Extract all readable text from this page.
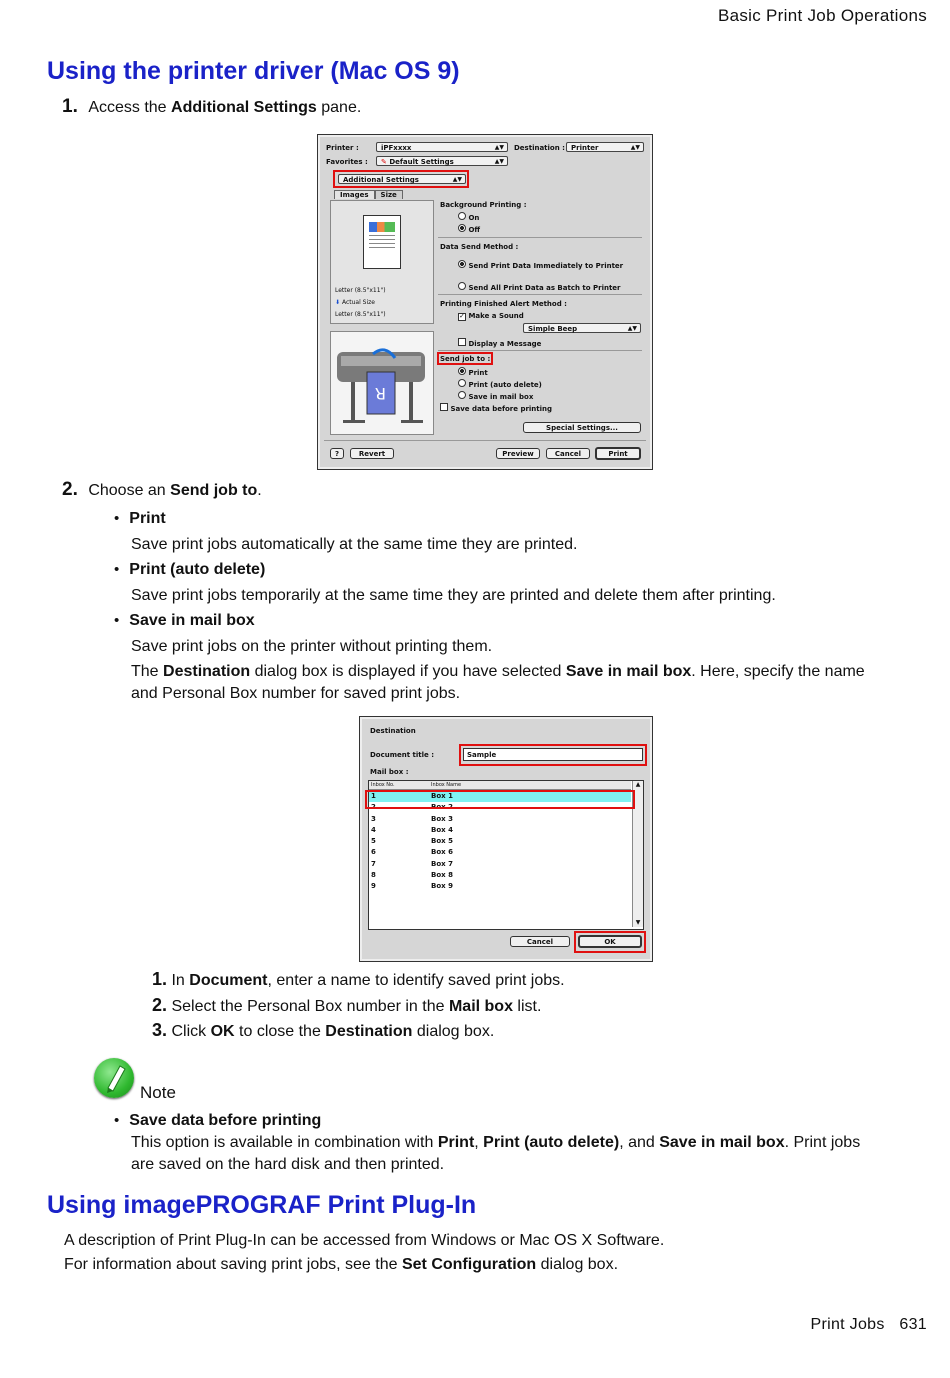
Basic Print Job Operations
Using the printer driver (Mac OS 9)
1. Access the Additional Settings pane.
Printer :	iPFxxxx	▲▼ Destination : Printer	▲▼
Favorites :	✎ Default Settings	▲▼
Additional Settings	▲▼
Images Size
Letter (8.5"x11")
⬇ Actual Size
Letter (8.5"x11")
R
Background Printing :
On
Off
Data Send Method :
Send Print Data Immediately to Printer
Send All Print Data as Batch to Printer
Printing Finished Alert Method :
✓ Make a Sound
Simple Beep	▲▼
Display a Message
Send job to :
Print
Print (auto delete)
Save in mail box
Save data before printing
Special Settings...
?	Revert	Preview	Cancel	Print
2. Choose an Send job to.
• Print
Save print jobs automatically at the same time they are printed.
• Print (auto delete)
Save print jobs temporarily at the same time they are printed and delete them after printing.
• Save in mail box
Save print jobs on the printer without printing them.
The Destination dialog box is displayed if you have selected Save in mail box. Here, specify the name and Personal Box number for saved print jobs.
Destination
Document title :	Sample
Mail box :
Inbox No.	Inbox Name
1	Box 1
2	Box 2
3	Box 3
4	Box 4
5	Box 5
6	Box 6
7	Box 7
8	Box 8
9	Box 9
▼
▲
Cancel	OK
1. In Document, enter a name to identify saved print jobs.
2. Select the Personal Box number in the Mail box list.
3. Click OK to close the Destination dialog box.
Note
• Save data before printing
This option is available in combination with Print, Print (auto delete), and Save in mail box. Print jobs are saved on the hard disk and then printed.
Using imagePROGRAF Print Plug-In
A description of Print Plug-In can be accessed from Windows or Mac OS X Software.
For information about saving print jobs, see the Set Configuration dialog box.
Print Jobs 631
